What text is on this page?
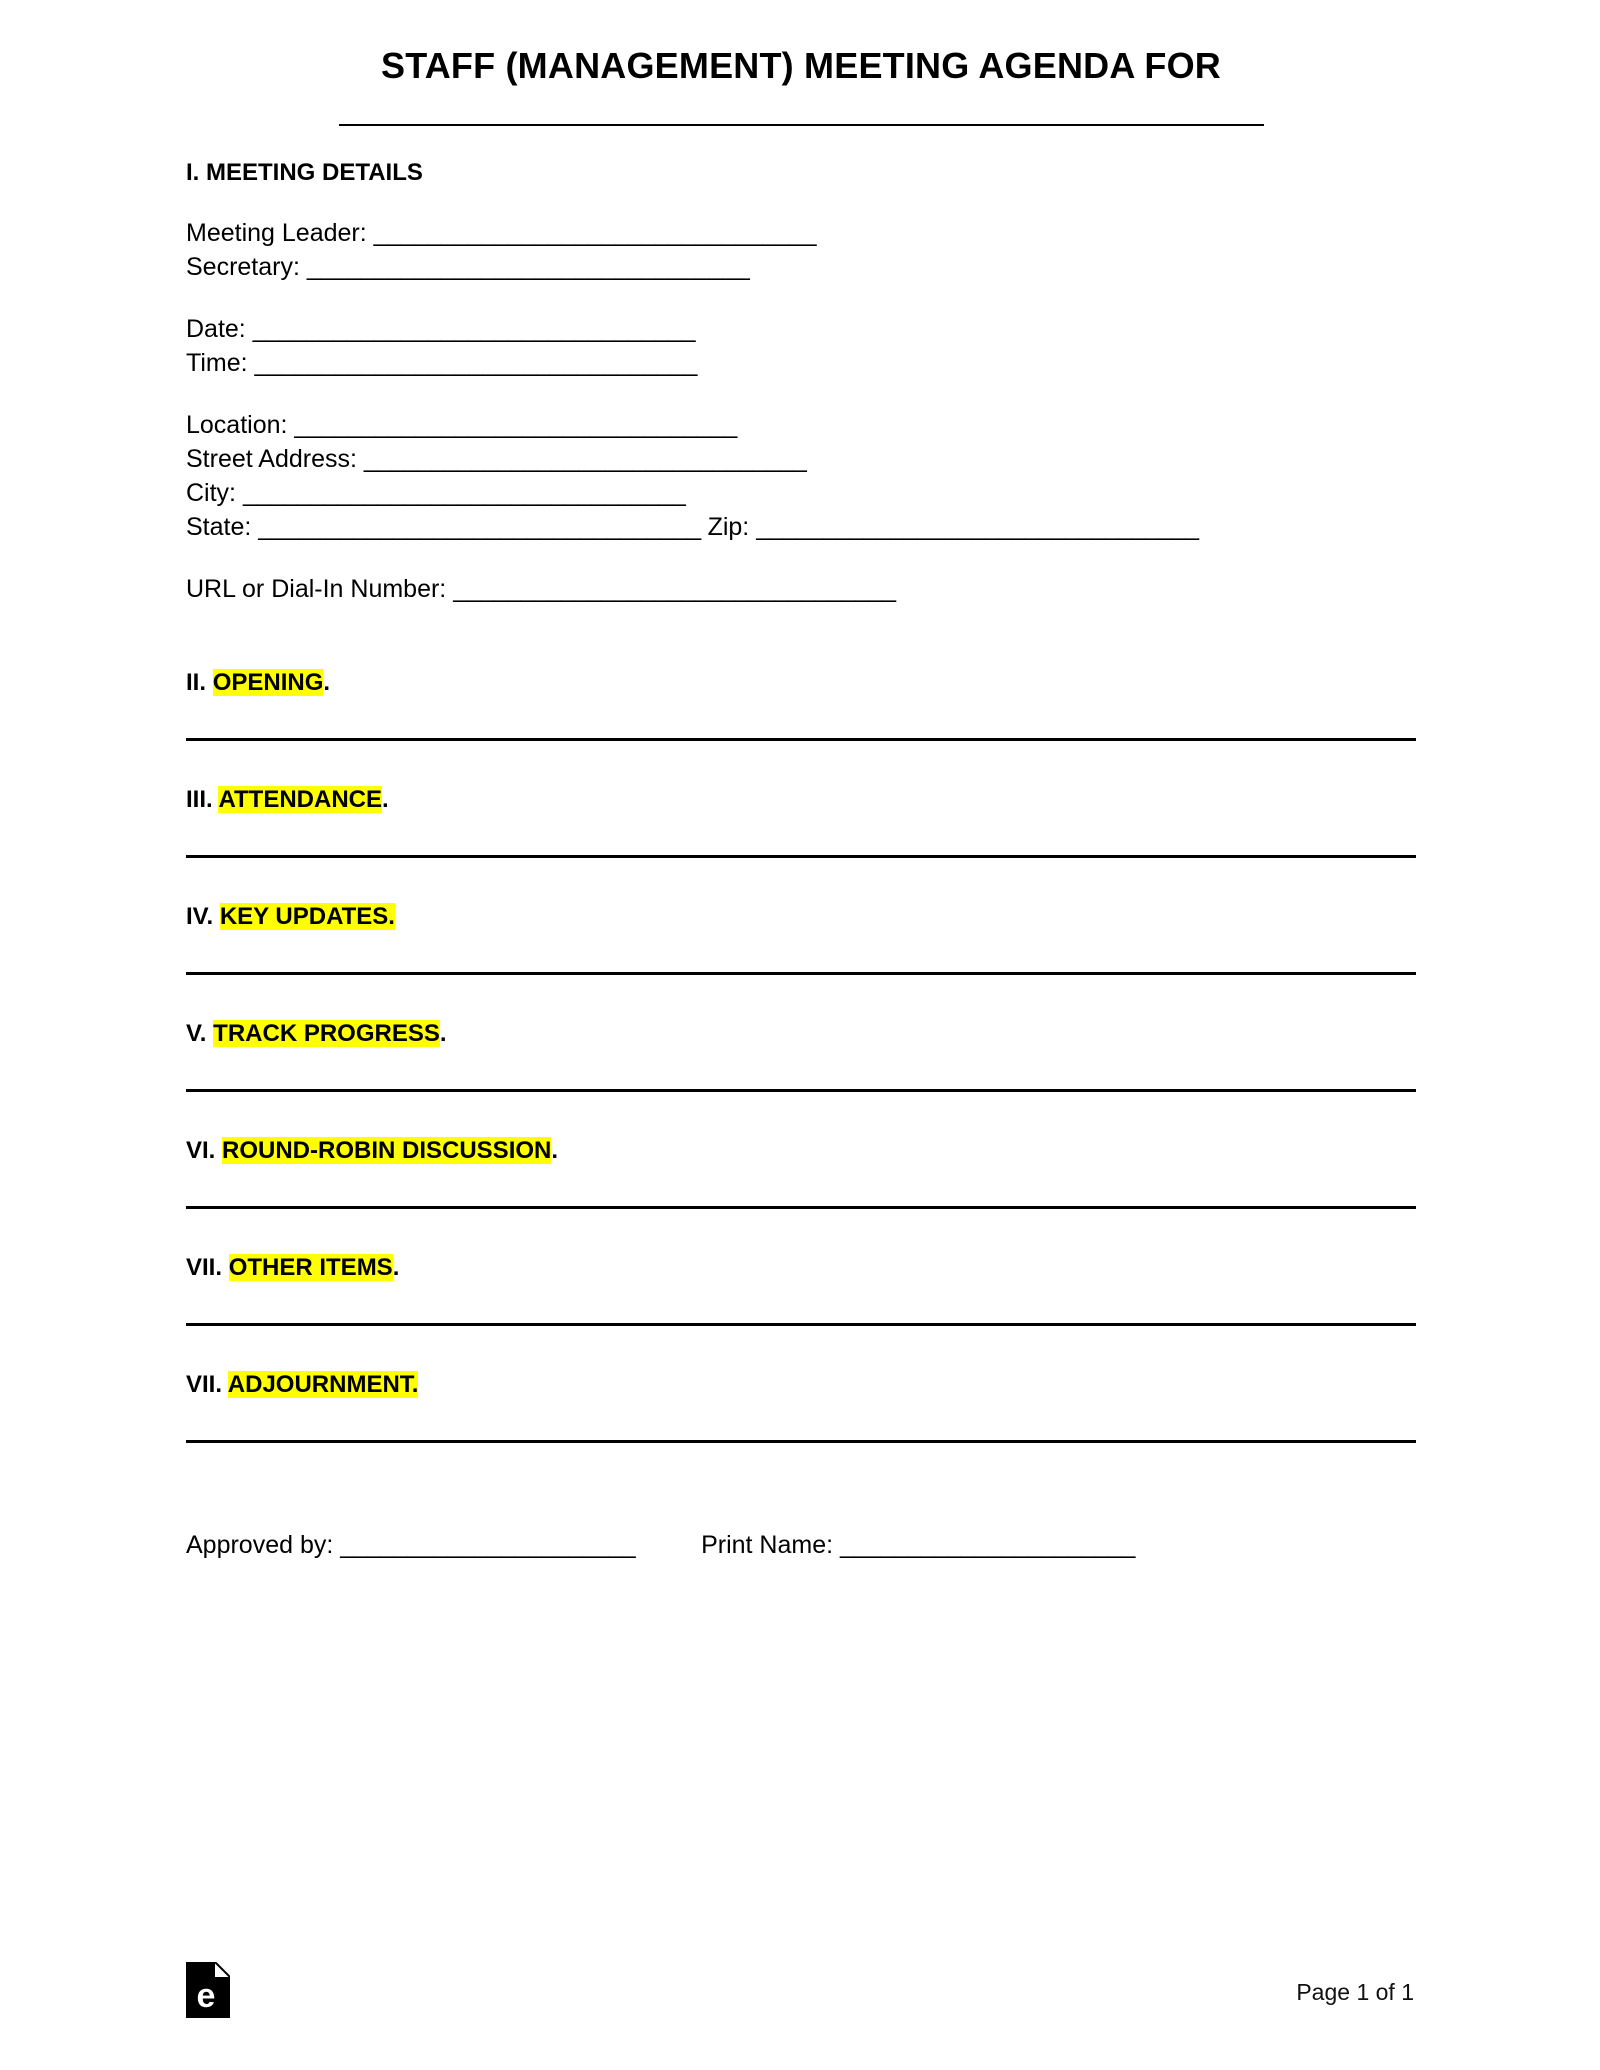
STAFF (MANAGEMENT) MEETING AGENDA FOR
I. MEETING DETAILS
Meeting Leader: _________________________________
Secretary: _________________________________
Date: _________________________________
Time: _________________________________
Location: _________________________________
Street Address: _________________________________
City: _________________________________
State: _________________________________ Zip: _________________________________
URL or Dial-In Number: _________________________________
II. OPENING.
III. ATTENDANCE.
IV. KEY UPDATES.
V. TRACK PROGRESS.
VI. ROUND-ROBIN DISCUSSION.
VII. OTHER ITEMS.
VII. ADJOURNMENT.
Approved by: ______________________	Print Name: ______________________
e	Page 1 of 1
